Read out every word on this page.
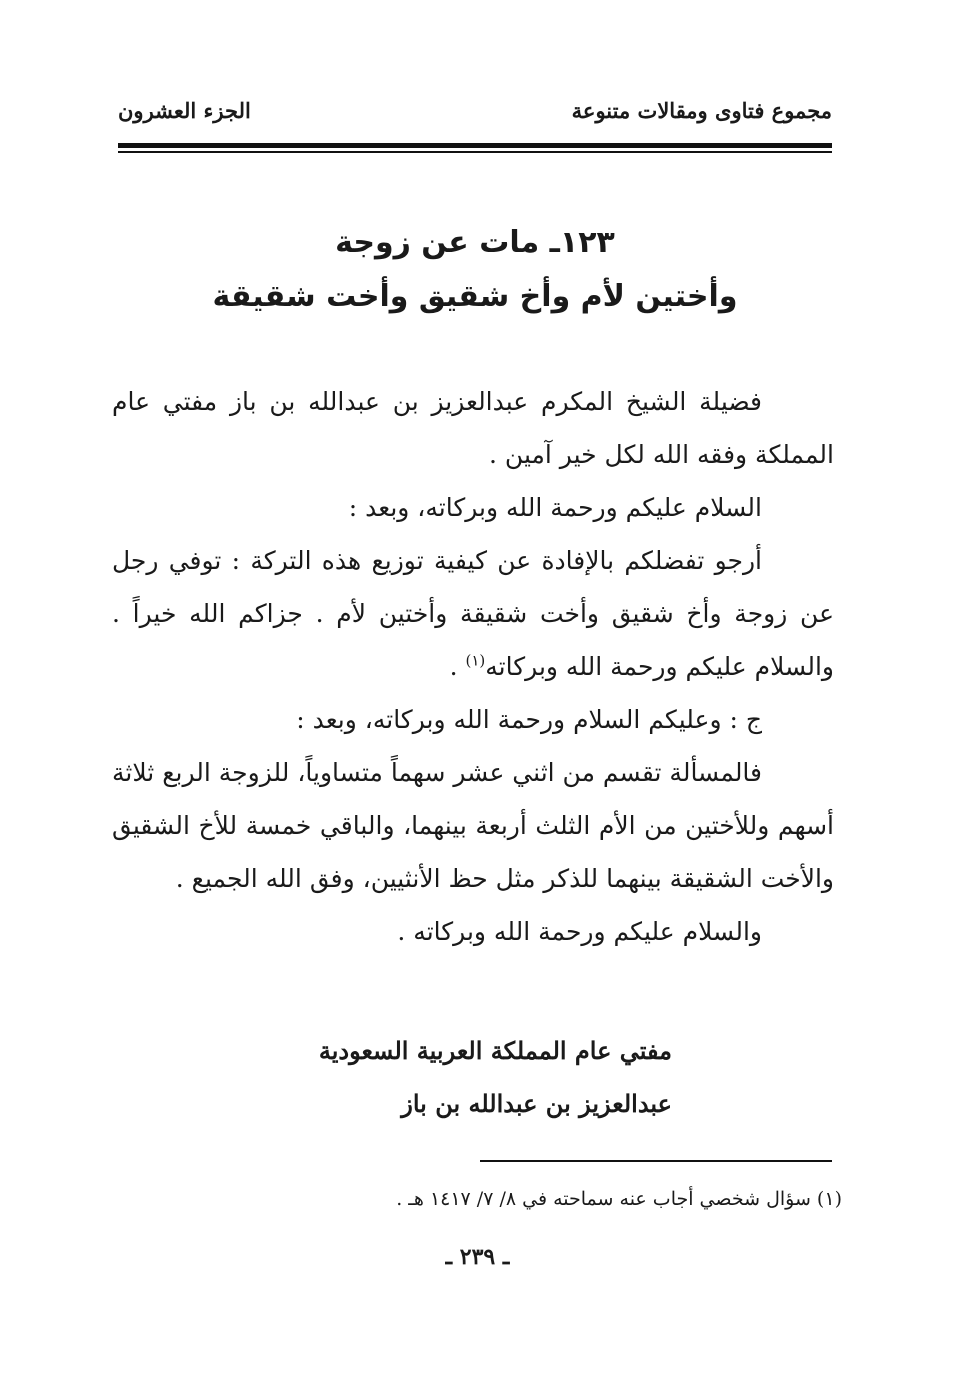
مجموع فتاوى ومقالات متنوعة
الجزء العشرون
١٢٣ـ مات عن زوجة
وأختين لأم وأخ شقيق وأخت شقيقة

فضيلة الشيخ المكرم عبدالعزيز بن عبدالله بن باز مفتي عام المملكة وفقه الله لكل خير آمين .

السلام عليكم ورحمة الله وبركاته، وبعد :

أرجو تفضلكم بالإفادة عن كيفية توزيع هذه التركة : توفي رجل عن زوجة وأخ شقيق وأخت شقيقة وأختين لأم . جزاكم الله خيراً . والسلام عليكم ورحمة الله وبركاته$^{(١)}$ .

ج : وعليكم السلام ورحمة الله وبركاته، وبعد :

فالمسألة تقسم من اثني عشر سهماً متساوياً، للزوجة الربع ثلاثة أسهم وللأختين من الأم الثلث أربعة بينهما، والباقي خمسة للأخ الشقيق والأخت الشقيقة بينهما للذكر مثل حظ الأنثيين، وفق الله الجميع .

والسلام عليكم ورحمة الله وبركاته .

مفتي عام المملكة العربية السعودية
عبدالعزيز بن عبدالله بن باز
(١) سؤال شخصي أجاب عنه سماحته في ٨/ ٧/ ١٤١٧ هـ .
ـ ٢٣٩ ـ
